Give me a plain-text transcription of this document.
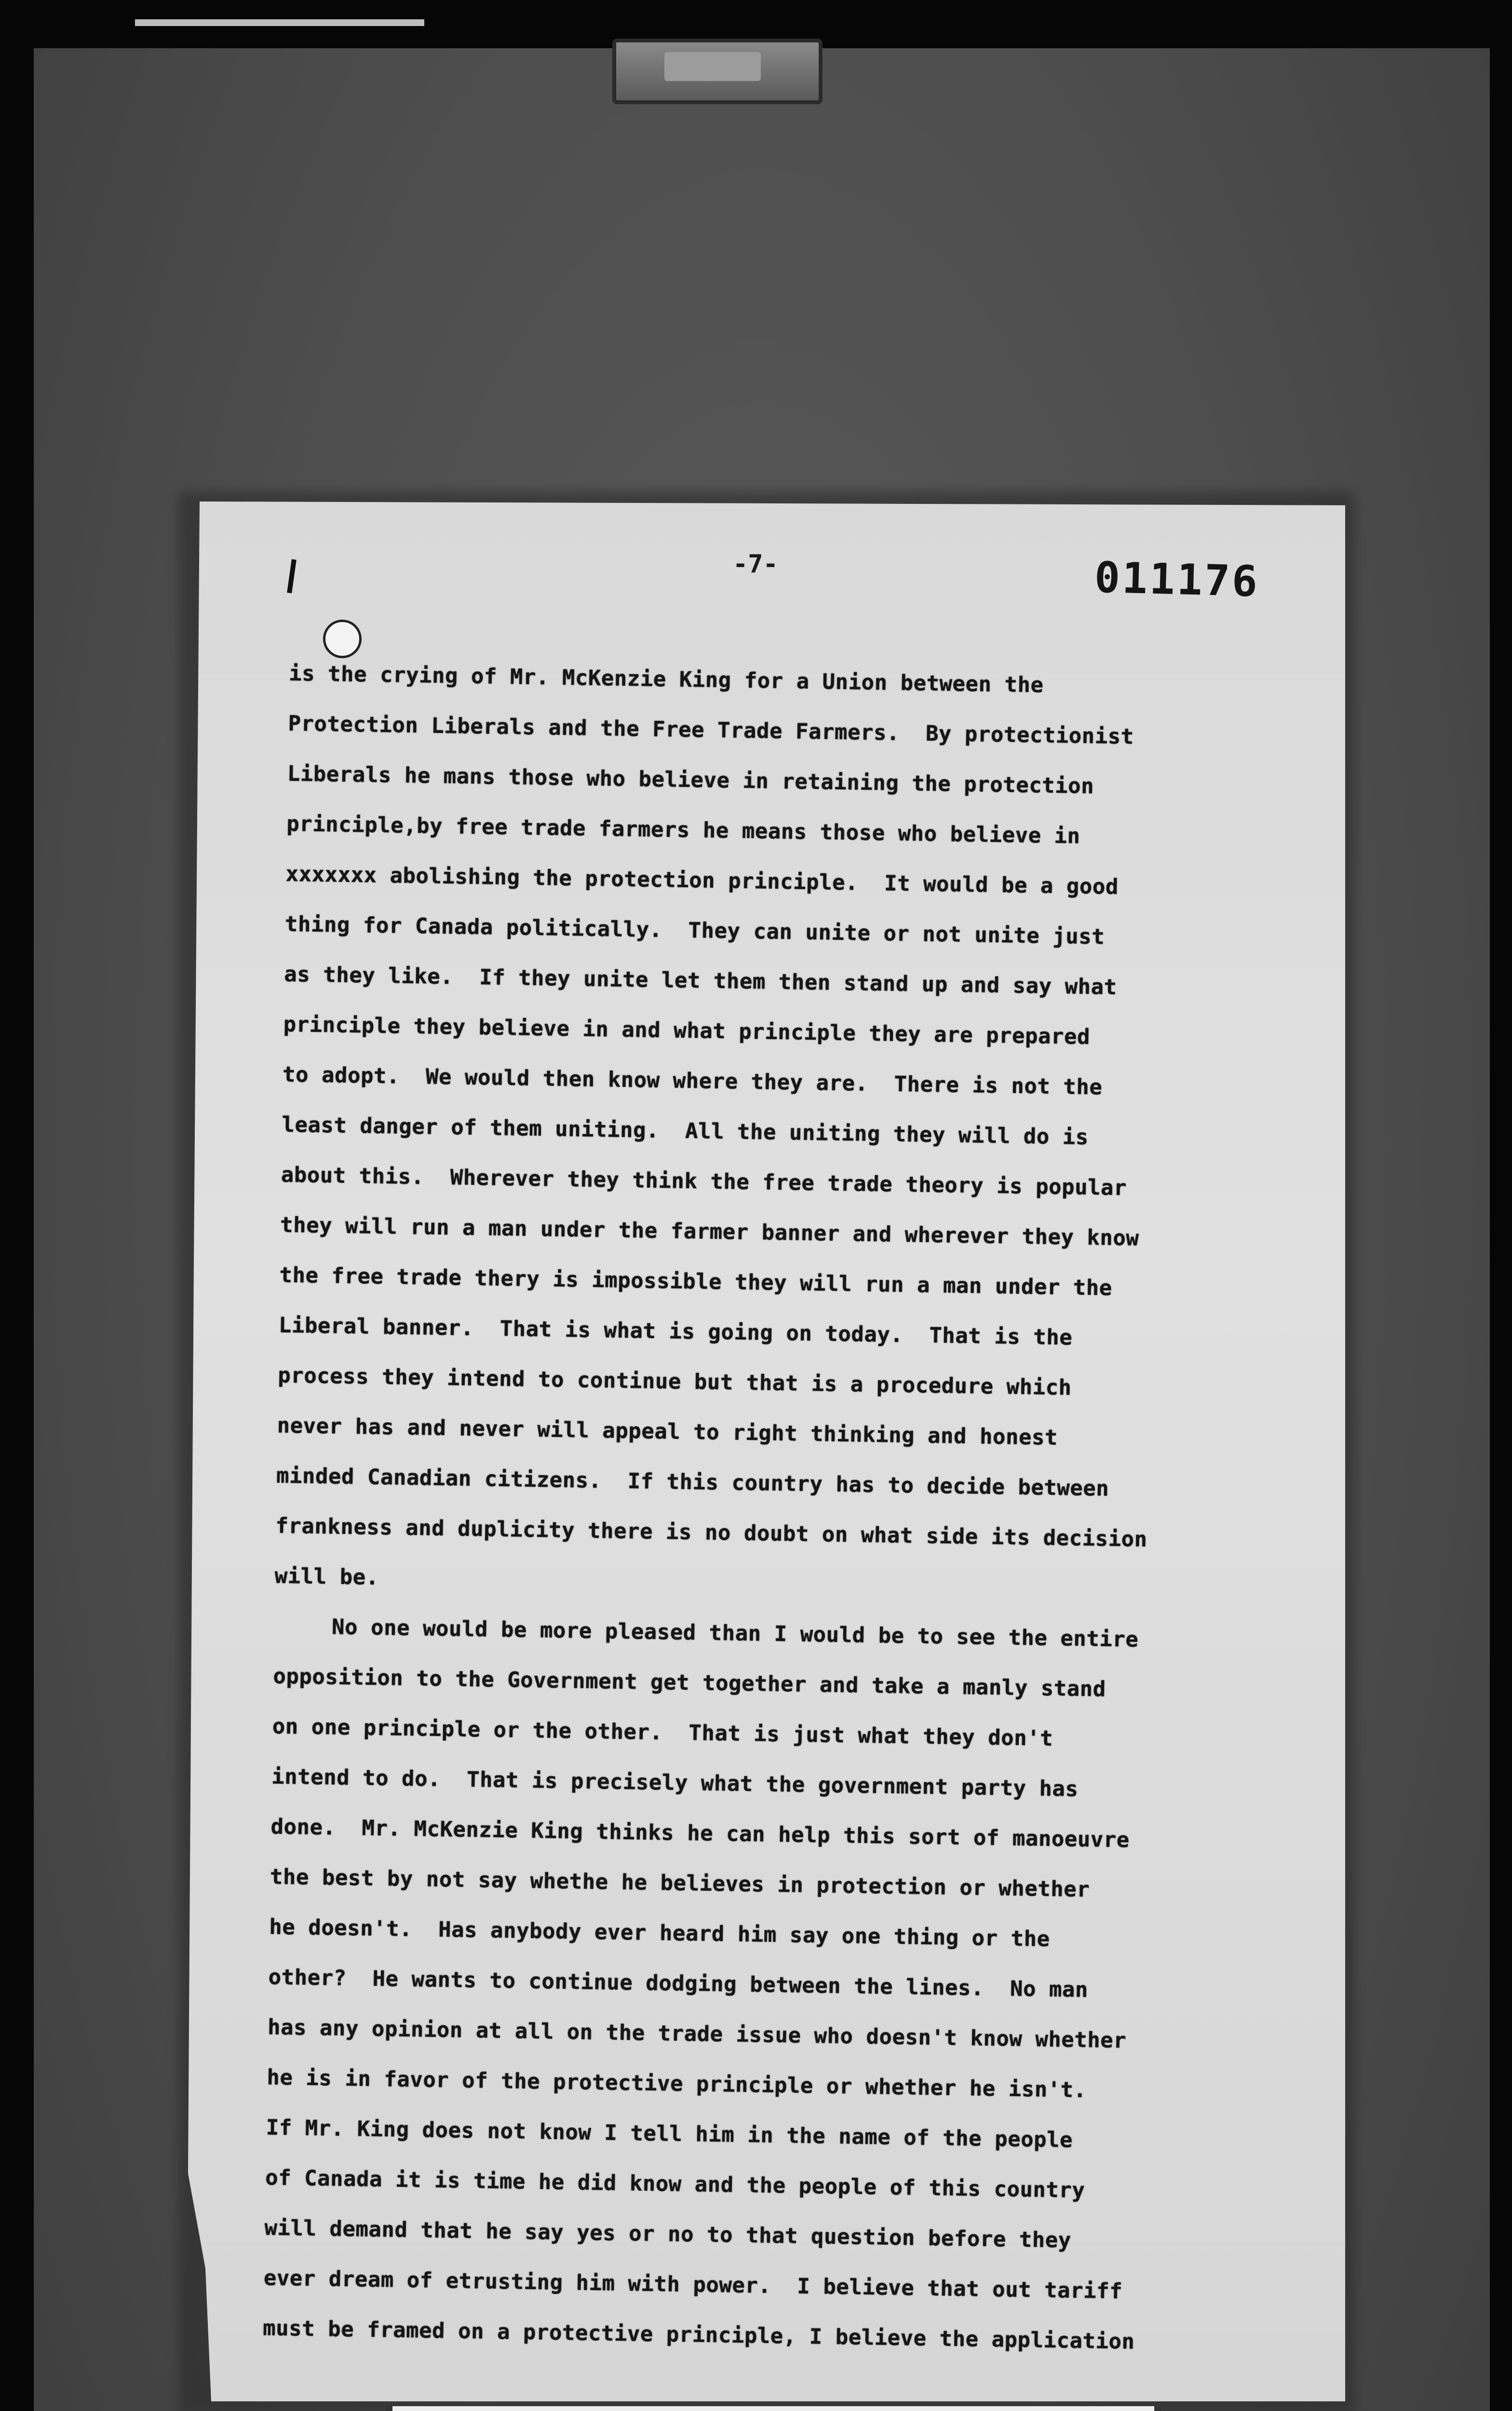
-7-	011176
is the crying of Mr. McKenzie King for a Union between the
Protection Liberals and the Free Trade Farmers.  By protectionist
Liberals he mans those who believe in retaining the protection
principle,by free trade farmers he means those who believe in
xxxxxxx abolishing the protection principle.  It would be a good
thing for Canada politically.  They can unite or not unite just
as they like.  If they unite let them then stand up and say what
principle they believe in and what principle they are prepared
to adopt.  We would then know where they are.  There is not the
least danger of them uniting.  All the uniting they will do is
about this.  Wherever they think the free trade theory is popular
they will run a man under the farmer banner and wherever they know
the free trade thery is impossible they will run a man under the
Liberal banner.  That is what is going on today.  That is the
process they intend to continue but that is a procedure which
never has and never will appeal to right thinking and honest
minded Canadian citizens.  If this country has to decide between
frankness and duplicity there is no doubt on what side its decision
will be.
No one would be more pleased than I would be to see the entire
opposition to the Government get together and take a manly stand
on one principle or the other.  That is just what they don't
intend to do.  That is precisely what the government party has
done.  Mr. McKenzie King thinks he can help this sort of manoeuvre
the best by not say whethe he believes in protection or whether
he doesn't.  Has anybody ever heard him say one thing or the
other?  He wants to continue dodging between the lines.  No man
has any opinion at all on the trade issue who doesn't know whether
he is in favor of the protective principle or whether he isn't.
If Mr. King does not know I tell him in the name of the people
of Canada it is time he did know and the people of this country
will demand that he say yes or no to that question before they
ever dream of etrusting him with power.  I believe that out tariff
must be framed on a protective principle, I believe the application
